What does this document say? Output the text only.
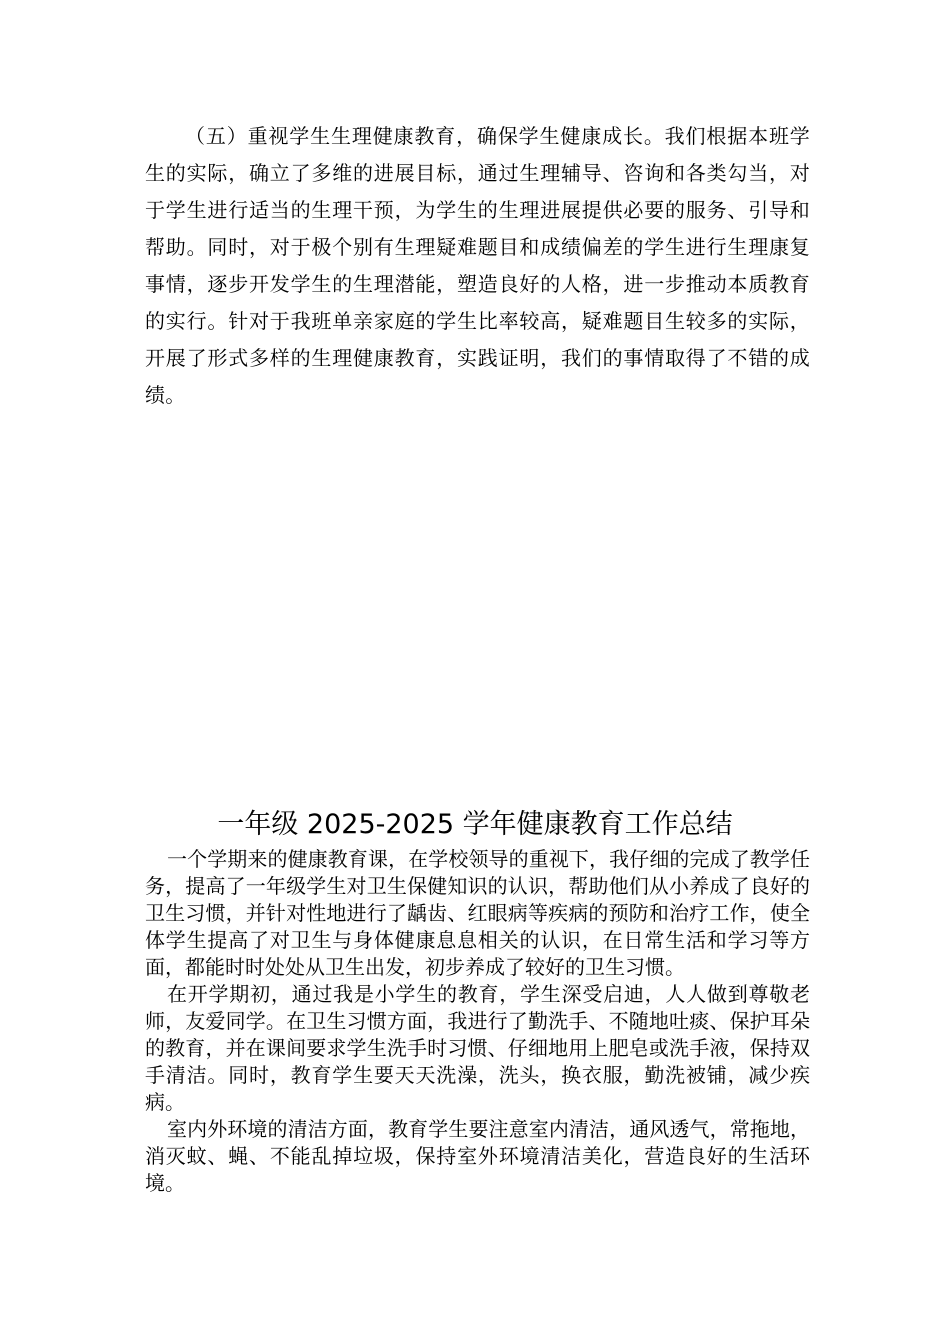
（五）重视学生生理健康教育，确保学生健康成长。我们根据本班学生的实际，确立了多维的进展目标，通过生理辅导、咨询和各类勾当，对于学生进行适当的生理干预，为学生的生理进展提供必要的服务、引导和帮助。同时，对于极个别有生理疑难题目和成绩偏差的学生进行生理康复事情，逐步开发学生的生理潜能，塑造良好的人格，进一步推动本质教育的实行。针对于我班单亲家庭的学生比率较高，疑难题目生较多的实际，开展了形式多样的生理健康教育，实践证明，我们的事情取得了不错的成绩。

一年级 2025-2025 学年健康教育工作总结

一个学期来的健康教育课，在学校领导的重视下，我仔细的完成了教学任务，提高了一年级学生对卫生保健知识的认识，帮助他们从小养成了良好的卫生习惯，并针对性地进行了龋齿、红眼病等疾病的预防和治疗工作，使全体学生提高了对卫生与身体健康息息相关的认识，在日常生活和学习等方面，都能时时处处从卫生出发，初步养成了较好的卫生习惯。

在开学期初，通过我是小学生的教育，学生深受启迪，人人做到尊敬老师，友爱同学。在卫生习惯方面，我进行了勤洗手、不随地吐痰、保护耳朵的教育，并在课间要求学生洗手时习惯、仔细地用上肥皂或洗手液，保持双手清洁。同时，教育学生要天天洗澡，洗头，换衣服，勤洗被铺，减少疾病。

室内外环境的清洁方面，教育学生要注意室内清洁，通风透气，常拖地，消灭蚊、蝇、不能乱掉垃圾，保持室外环境清洁美化，营造良好的生活环境。
